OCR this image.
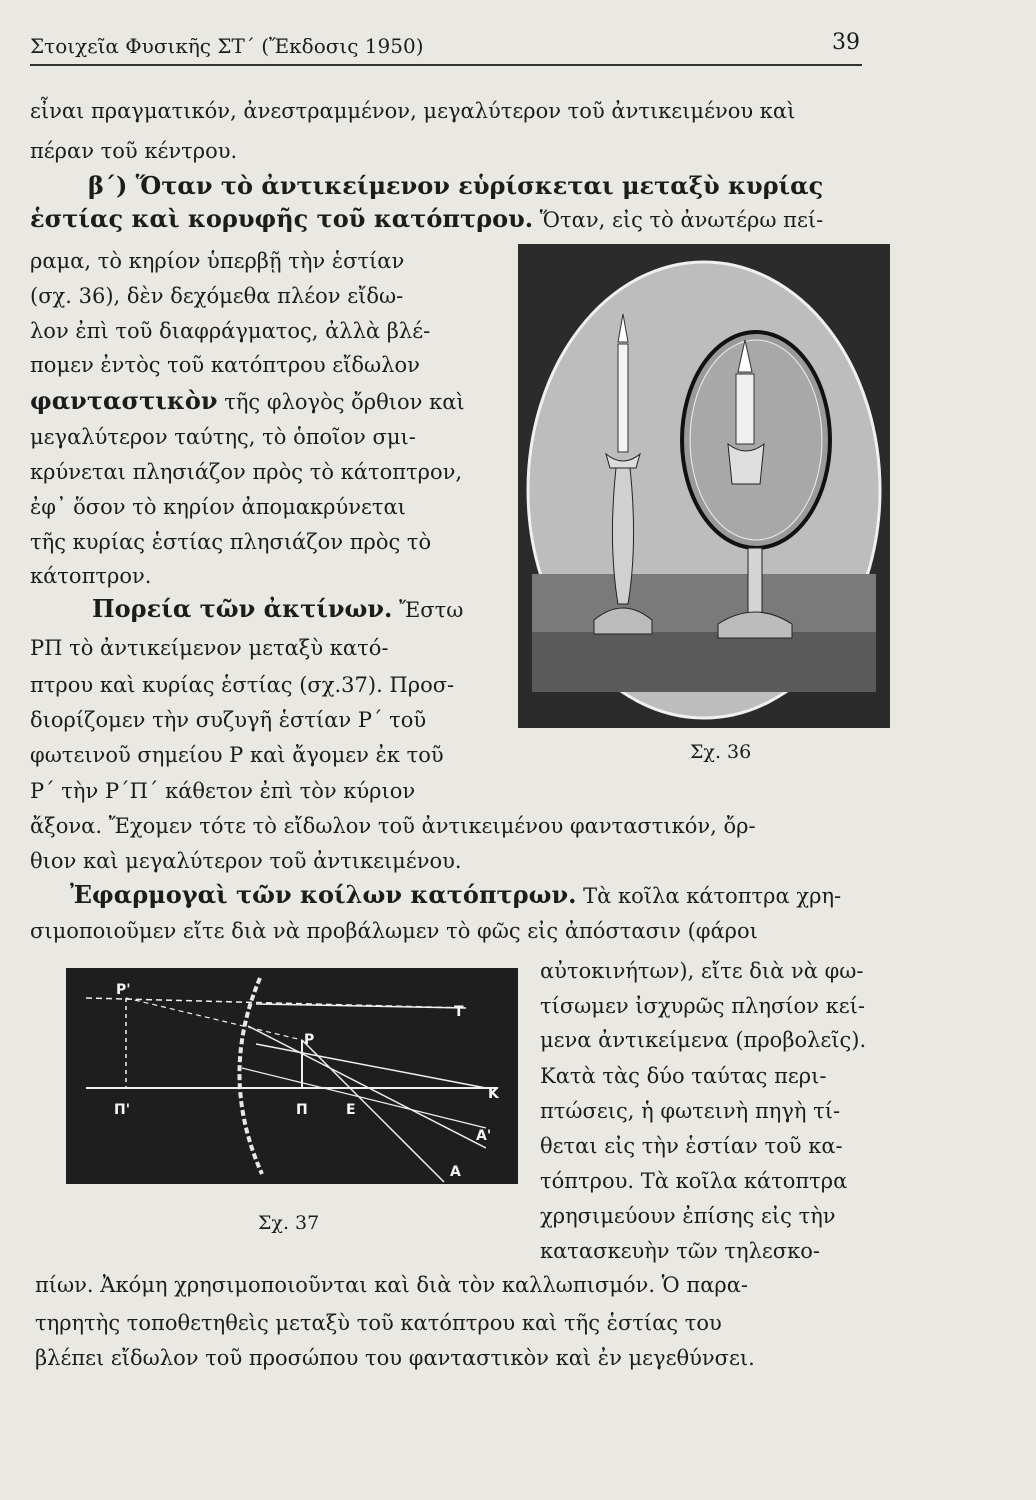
Στοιχεῖα Φυσικῆς ΣΤ΄ (Ἔκδοσις 1950)	39
εἶναι πραγματικόν, ἀνεστραμμένον, μεγαλύτερον τοῦ ἀντικειμένου καὶ
πέραν τοῦ κέντρου.
β΄) Ὅταν τὸ ἀντικείμενον εὑρίσκεται μεταξὺ κυρίας
ἑστίας καὶ κορυφῆς τοῦ κατόπτρου. Ὅταν, εἰς τὸ ἀνωτέρω πεί-
ραμα, τὸ κηρίον ὑπερβῇ τὴν ἑστίαν
(σχ. 36), δὲν δεχόμεθα πλέον εἴδω-
λον ἐπὶ τοῦ διαφράγματος, ἀλλὰ βλέ-
πομεν ἐντὸς τοῦ κατόπτρου εἴδωλον
φανταστικὸν τῆς φλογὸς ὄρθιον καὶ
μεγαλύτερον ταύτης, τὸ ὁποῖον σμι-
κρύνεται πλησιάζον πρὸς τὸ κάτοπτρον,
ἐφ᾿ ὅσον τὸ κηρίον ἀπομακρύνεται
τῆς κυρίας ἑστίας πλησιάζον πρὸς τὸ
κάτοπτρον.
Πορεία τῶν ἀκτίνων. Ἔστω
ΡΠ τὸ ἀντικείμενον μεταξὺ κατό-
πτρου καὶ κυρίας ἑστίας (σχ.37). Προσ-
διορίζομεν τὴν συζυγῆ ἑστίαν Ρ΄ τοῦ
φωτεινοῦ σημείου Ρ καὶ ἄγομεν ἐκ τοῦ
Ρ΄ τὴν Ρ΄Π΄ κάθετον ἐπὶ τὸν κύριον
ἄξονα. Ἔχομεν τότε τὸ εἴδωλον τοῦ ἀντικειμένου φανταστικόν, ὄρ-
θιον καὶ μεγαλύτερον τοῦ ἀντικειμένου.
Ἐφαρμογαὶ τῶν κοίλων κατόπτρων. Τὰ κοῖλα κάτοπτρα χρη-
σιμοποιοῦμεν εἴτε διὰ νὰ προβάλωμεν τὸ φῶς εἰς ἀπόστασιν (φάροι
αὐτοκινήτων), εἴτε διὰ νὰ φω-
τίσωμεν ἰσχυρῶς πλησίον κεί-
μενα ἀντικείμενα (προβολεῖς).
Κατὰ τὰς δύο ταύτας περι-
πτώσεις, ἡ φωτεινὴ πηγὴ τί-
θεται εἰς τὴν ἑστίαν τοῦ κα-
τόπτρου. Τὰ κοῖλα κάτοπτρα
χρησιμεύουν ἐπίσης εἰς τὴν
κατασκευὴν τῶν τηλεσκο-
πίων. Ἀκόμη χρησιμοποιοῦνται καὶ διὰ τὸν καλλωπισμόν. Ὁ παρα-
τηρητὴς τοποθετηθεὶς μεταξὺ τοῦ κατόπτρου καὶ τῆς ἑστίας του
βλέπει εἴδωλον τοῦ προσώπου του φανταστικὸν καὶ ἐν μεγεθύνσει.
Σχ. 36
P'
P
Π'	Π	E
T
K
A'
A
Σχ. 37
